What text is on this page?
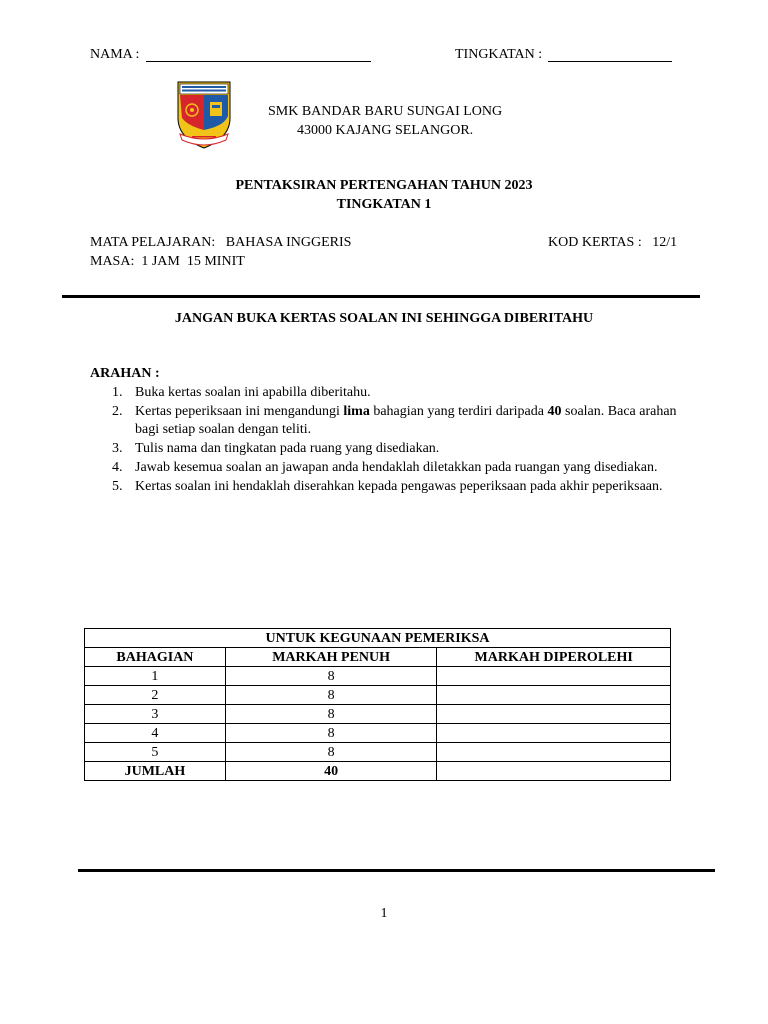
NAMA :	TINGKATAN :
SMK BANDAR BARU SUNGAI LONG
43000 KAJANG SELANGOR.
PENTAKSIRAN PERTENGAHAN TAHUN 2023
TINGKATAN 1
MATA PELAJARAN:   BAHASA INGGERIS
MASA:  1 JAM  15 MINIT
KOD KERTAS :   12/1
JANGAN BUKA KERTAS SOALAN INI SEHINGGA DIBERITAHU
ARAHAN :
1. Buka kertas soalan ini apabilla diberitahu.
2. Kertas peperiksaan ini mengandungi lima bahagian yang terdiri daripada 40 soalan. Baca arahan bagi setiap soalan dengan teliti.
3. Tulis nama dan tingkatan pada ruang yang disediakan.
4. Jawab kesemua soalan an jawapan anda hendaklah diletakkan pada ruangan yang disediakan.
5. Kertas soalan ini hendaklah diserahkan kepada pengawas peperiksaan pada akhir peperiksaan.
UNTUK KEGUNAAN PEMERIKSA		
BAHAGIAN	MARKAH PENUH	MARKAH DIPEROLEHI
1	8	
2	8	
3	8	
4	8	
5	8	
JUMLAH	40	
1
